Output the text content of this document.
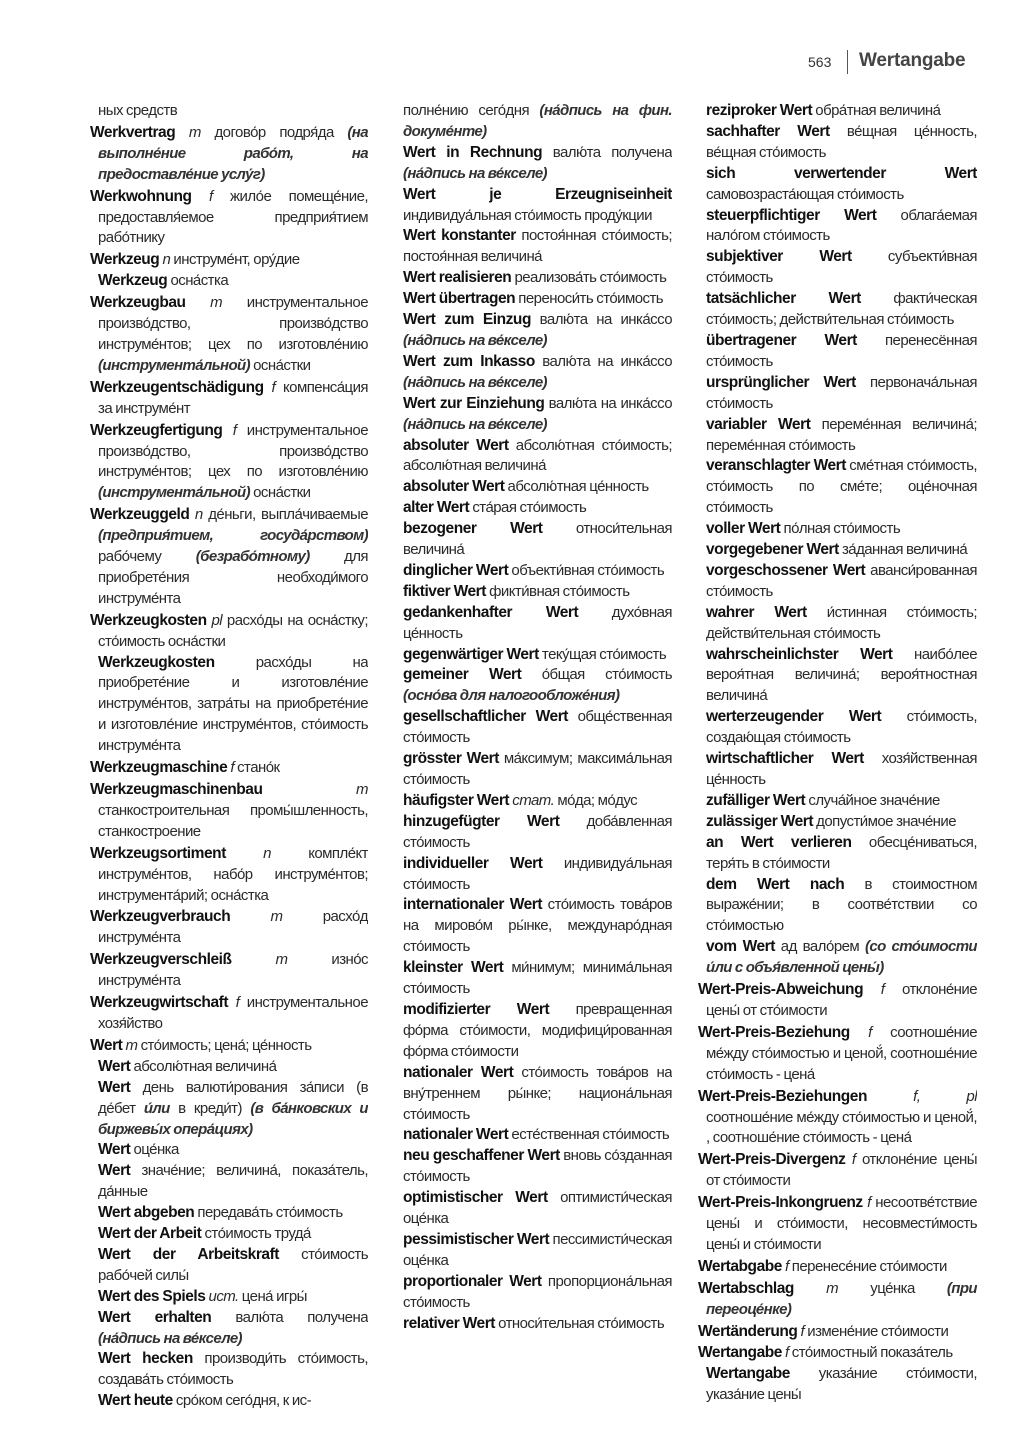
563 Wertangabe
ных средств
Werkvertrag m догово́р подря́да (на выполне́ние рабо́т, на предоставле́ние услу́г)
Werkwohnung f жило́е помеще́ние, предоставля́емое предприя́тием рабо́тнику
Werkzeug n инструме́нт, ору́дие
Werkzeug осна́стка
Werkzeugbau m инструментальное произво́дство, произво́дство инструме́нтов; цех по изготовле́нию (инструмента́льной) осна́стки
Werkzeugentschädigung f компенса́ция за инструме́нт
Werkzeugfertigung f инструментальное произво́дство, произво́дство инструме́нтов; цех по изготовле́нию (инструмента́льной) осна́стки
Werkzeuggeld n де́ньги, выпла́чиваемые (предприя́тием, госуда́рством) рабо́чему (безрабо́тному) для приобрете́ния необходи́мого инструме́нта
Werkzeugkosten pl расхо́ды на осна́стку; сто́имость осна́стки
Werkzeugkosten расхо́ды на приобрете́ние и изготовле́ние инструме́нтов, затра́ты на приобрете́ние и изготовле́ние инструме́нтов, сто́имость инструме́нта
Werkzeugmaschine f стано́к
Werkzeugmaschinenbau m станкостроительная промы́шленность, станкостроение
Werkzeugsortiment n компле́кт инструме́нтов, набо́р инструме́нтов; инструмента́рий; осна́стка
Werkzeugverbrauch m расхо́д инструме́нта
Werkzeugverschleiß m изно́с инструме́нта
Werkzeugwirtschaft f инструментальное хозя́йство
Wert m сто́имость; цена́; це́нность
Wert абсолю́тная величина́
Wert день валюти́рования за́писи (в де́бет и́ли в креди́т) (в ба́нковских и биржевы́х опера́циях)
Wert оце́нка
Wert значе́ние; величина́, показа́тель, да́нные
Wert abgeben передава́ть сто́имость
Wert der Arbeit сто́имость труда́
Wert der Arbeitskraft сто́имость рабо́чей силы́
Wert des Spiels ист. цена́ игры́
Wert erhalten валю́та получена (на́дпись на ве́кселе)
Wert hecken производи́ть сто́имость, создава́ть сто́имость
Wert heute сро́ком сего́дня, к ис-
полне́нию сего́дня (на́дпись на фин. докуме́нте)
Wert in Rechnung валю́та получена (на́дпись на ве́кселе)
Wert je Erzeugniseinheit индивидуа́льная сто́имость проду́кции
Wert konstanter постоя́нная сто́имость; постоя́нная величина́
Wert realisieren реализова́ть сто́имость
Wert übertragen переноси́ть сто́имость
Wert zum Einzug валю́та на инка́ссо (на́дпись на ве́кселе)
Wert zum Inkasso валю́та на инка́ссо (на́дпись на ве́кселе)
Wert zur Einziehung валю́та на инка́ссо (на́дпись на ве́кселе)
absoluter Wert абсолю́тная сто́имость; абсолю́тная величина́
absoluter Wert абсолю́тная це́нность
alter Wert ста́рая сто́имость
bezogener Wert относи́тельная величина́
dinglicher Wert объекти́вная сто́имость
fiktiver Wert фикти́вная сто́имость
gedankenhafter Wert духо́вная це́нность
gegenwärtiger Wert теку́щая сто́имость
gemeiner Wert о́бщая сто́имость (осно́ва для налогообложе́ния)
gesellschaftlicher Wert обще́ственная сто́имость
grösster Wert ма́ксимум; максима́льная сто́имость
häufigster Wert стат. мо́да; мо́дус
hinzugefügter Wert доба́вленная сто́имость
individueller Wert индивидуа́льная сто́имость
internationaler Wert сто́имость това́ров на мирово́м ры́нке, междунаро́дная сто́имость
kleinster Wert ми́нимум; минима́льная сто́имость
modifizierter Wert превращенная фо́рма сто́имости, модифици́рованная фо́рма сто́имости
nationaler Wert сто́имость това́ров на вну́треннем ры́нке; национа́льная сто́имость
nationaler Wert есте́ственная сто́имость
neu geschaffener Wert вновь со́зданная сто́имость
optimistischer Wert оптимисти́ческая оце́нка
pessimistischer Wert пессимисти́ческая оце́нка
proportionaler Wert пропорциона́льная сто́имость
relativer Wert относи́тельная сто́имость
reziproker Wert обра́тная величина́
sachhafter Wert ве́щная це́нность, ве́щная сто́имость
sich verwertender Wert самовозраста́ющая сто́имость
steuerpflichtiger Wert облага́емая нало́гом сто́имость
subjektiver Wert субъекти́вная сто́имость
tatsächlicher Wert факти́ческая сто́имость; действи́тельная сто́имость
übertragener Wert перенесённая сто́имость
ursprünglicher Wert первонача́льная сто́имость
variabler Wert переме́нная величина́; переме́нная сто́имость
veranschlagter Wert сме́тная сто́имость, сто́имость по сме́те; оце́ночная сто́имость
voller Wert по́лная сто́имость
vorgegebener Wert за́данная величина́
vorgeschossener Wert аванси́рованная сто́имость
wahrer Wert и́стинная сто́имость; действи́тельная сто́имость
wahrscheinlichster Wert наибо́лее вероя́тная величина́; вероя́тностная величина́
werterzeugender Wert сто́имость, создаю́щая сто́имость
wirtschaftlicher Wert хозя́йственная це́нность
zufälliger Wert случа́йное значе́ние
zulässiger Wert допусти́мое значе́ние
an Wert verlieren обесце́ниваться, теря́ть в сто́имости
dem Wert nach в стоимостном выраже́нии; в соотве́тствии со сто́имостью
vom Wert ад вало́рем (со сто́имости и́ли с объя́вленной цены́)
Wert-Preis-Abweichung f отклоне́ние цены́ от сто́имости
Wert-Preis-Beziehung f соотноше́ние ме́жду сто́имостью и ценой́, соотноше́ние сто́имость - цена́
Wert-Preis-Beziehungen f, pl соотноше́ние ме́жду сто́имостью и ценой́, , соотноше́ние сто́имость - цена́
Wert-Preis-Divergenz f отклоне́ние цены́ от сто́имости
Wert-Preis-Inkongruenz f несоотве́тствие цены́ и сто́имости, несовмести́мость цены́ и сто́имости
Wertabgabe f перенесе́ние сто́имости
Wertabschlag m уце́нка (при переоце́нке)
Wertänderung f измене́ние сто́имости
Wertangabe f сто́имостный показа́тель
Wertangabe указа́ние сто́имости, указа́ние цены́
